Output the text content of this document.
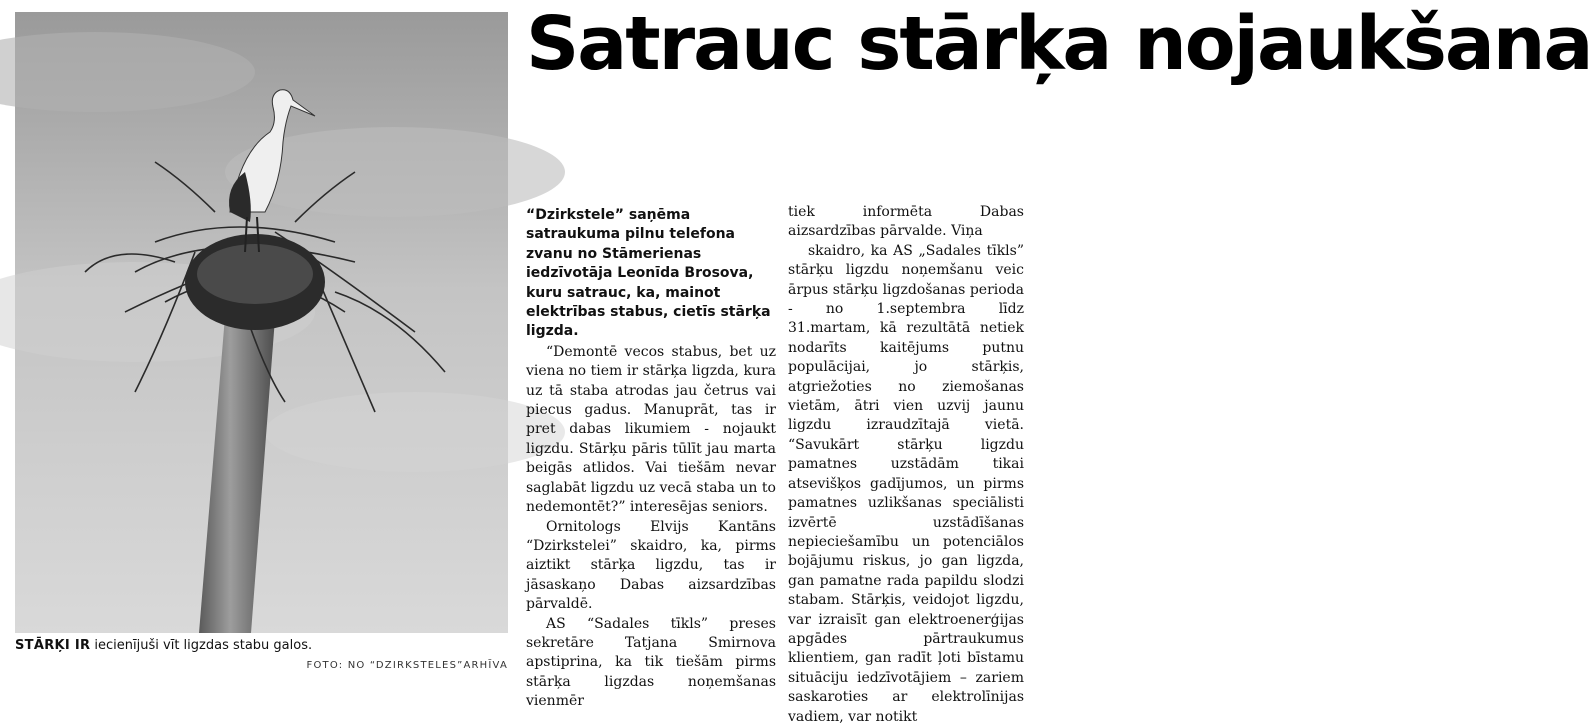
STĀRĶI IR iecienījuši vīt ligzdas stabu galos.
FOTO: NO “DZIRKSTELES”ARHĪVA
Satrauc stārķa nojaukšana
“Dzirkstele” saņēma satraukuma pilnu telefona zvanu no Stāmerienas iedzīvotāja Leonīda Brosova, kuru satrauc, ka, mainot elektrības stabus, cietīs stārķa ligzda.

“Demontē vecos stabus, bet uz viena no tiem ir stārķa ligzda, kura uz tā staba atrodas jau četrus vai piecus gadus. Manuprāt, tas ir pret dabas likumiem - nojaukt ligzdu. Stārķu pāris tūlīt jau marta beigās atlidos. Vai tiešām nevar saglabāt ligzdu uz vecā staba un to nedemontēt?” interesējas seniors.

Ornitologs Elvijs Kantāns “Dzirkstelei” skaidro, ka, pirms aiztikt stārķa ligzdu, tas ir jāsaskaņo Dabas aizsardzības pārvaldē.

AS “Sadales tīkls” preses sekretāre Tatjana Smirnova apstiprina, ka tik tiešām pirms stārķa ligzdas noņemšanas vienmēr

tiek informēta Dabas aizsardzības pārvalde. Viņa

skaidro, ka AS „Sadales tīkls” stārķu ligzdu noņemšanu veic ārpus stārķu ligzdošanas perioda - no 1.septembra līdz 31.martam, kā rezultātā netiek nodarīts kaitējums putnu populācijai, jo stārķis, atgriežoties no ziemošanas vietām, ātri vien uzvij jaunu ligzdu izraudzītajā vietā. “Savukārt stārķu ligzdu pamatnes uzstādām tikai atsevišķos gadījumos, un pirms pamatnes uzlikšanas speciālisti izvērtē uzstādīšanas nepieciešamību un potenciālos bojājumu riskus, jo gan ligzda, gan pamatne rada papildu slodzi stabam. Stārķis, veidojot ligzdu, var izraisīt gan elektroenerģijas apgādes pārtraukumus klientiem, gan radīt ļoti bīstamu situāciju iedzīvotājiem – zariem saskaroties ar elektrolīnijas vadiem, var notikt
